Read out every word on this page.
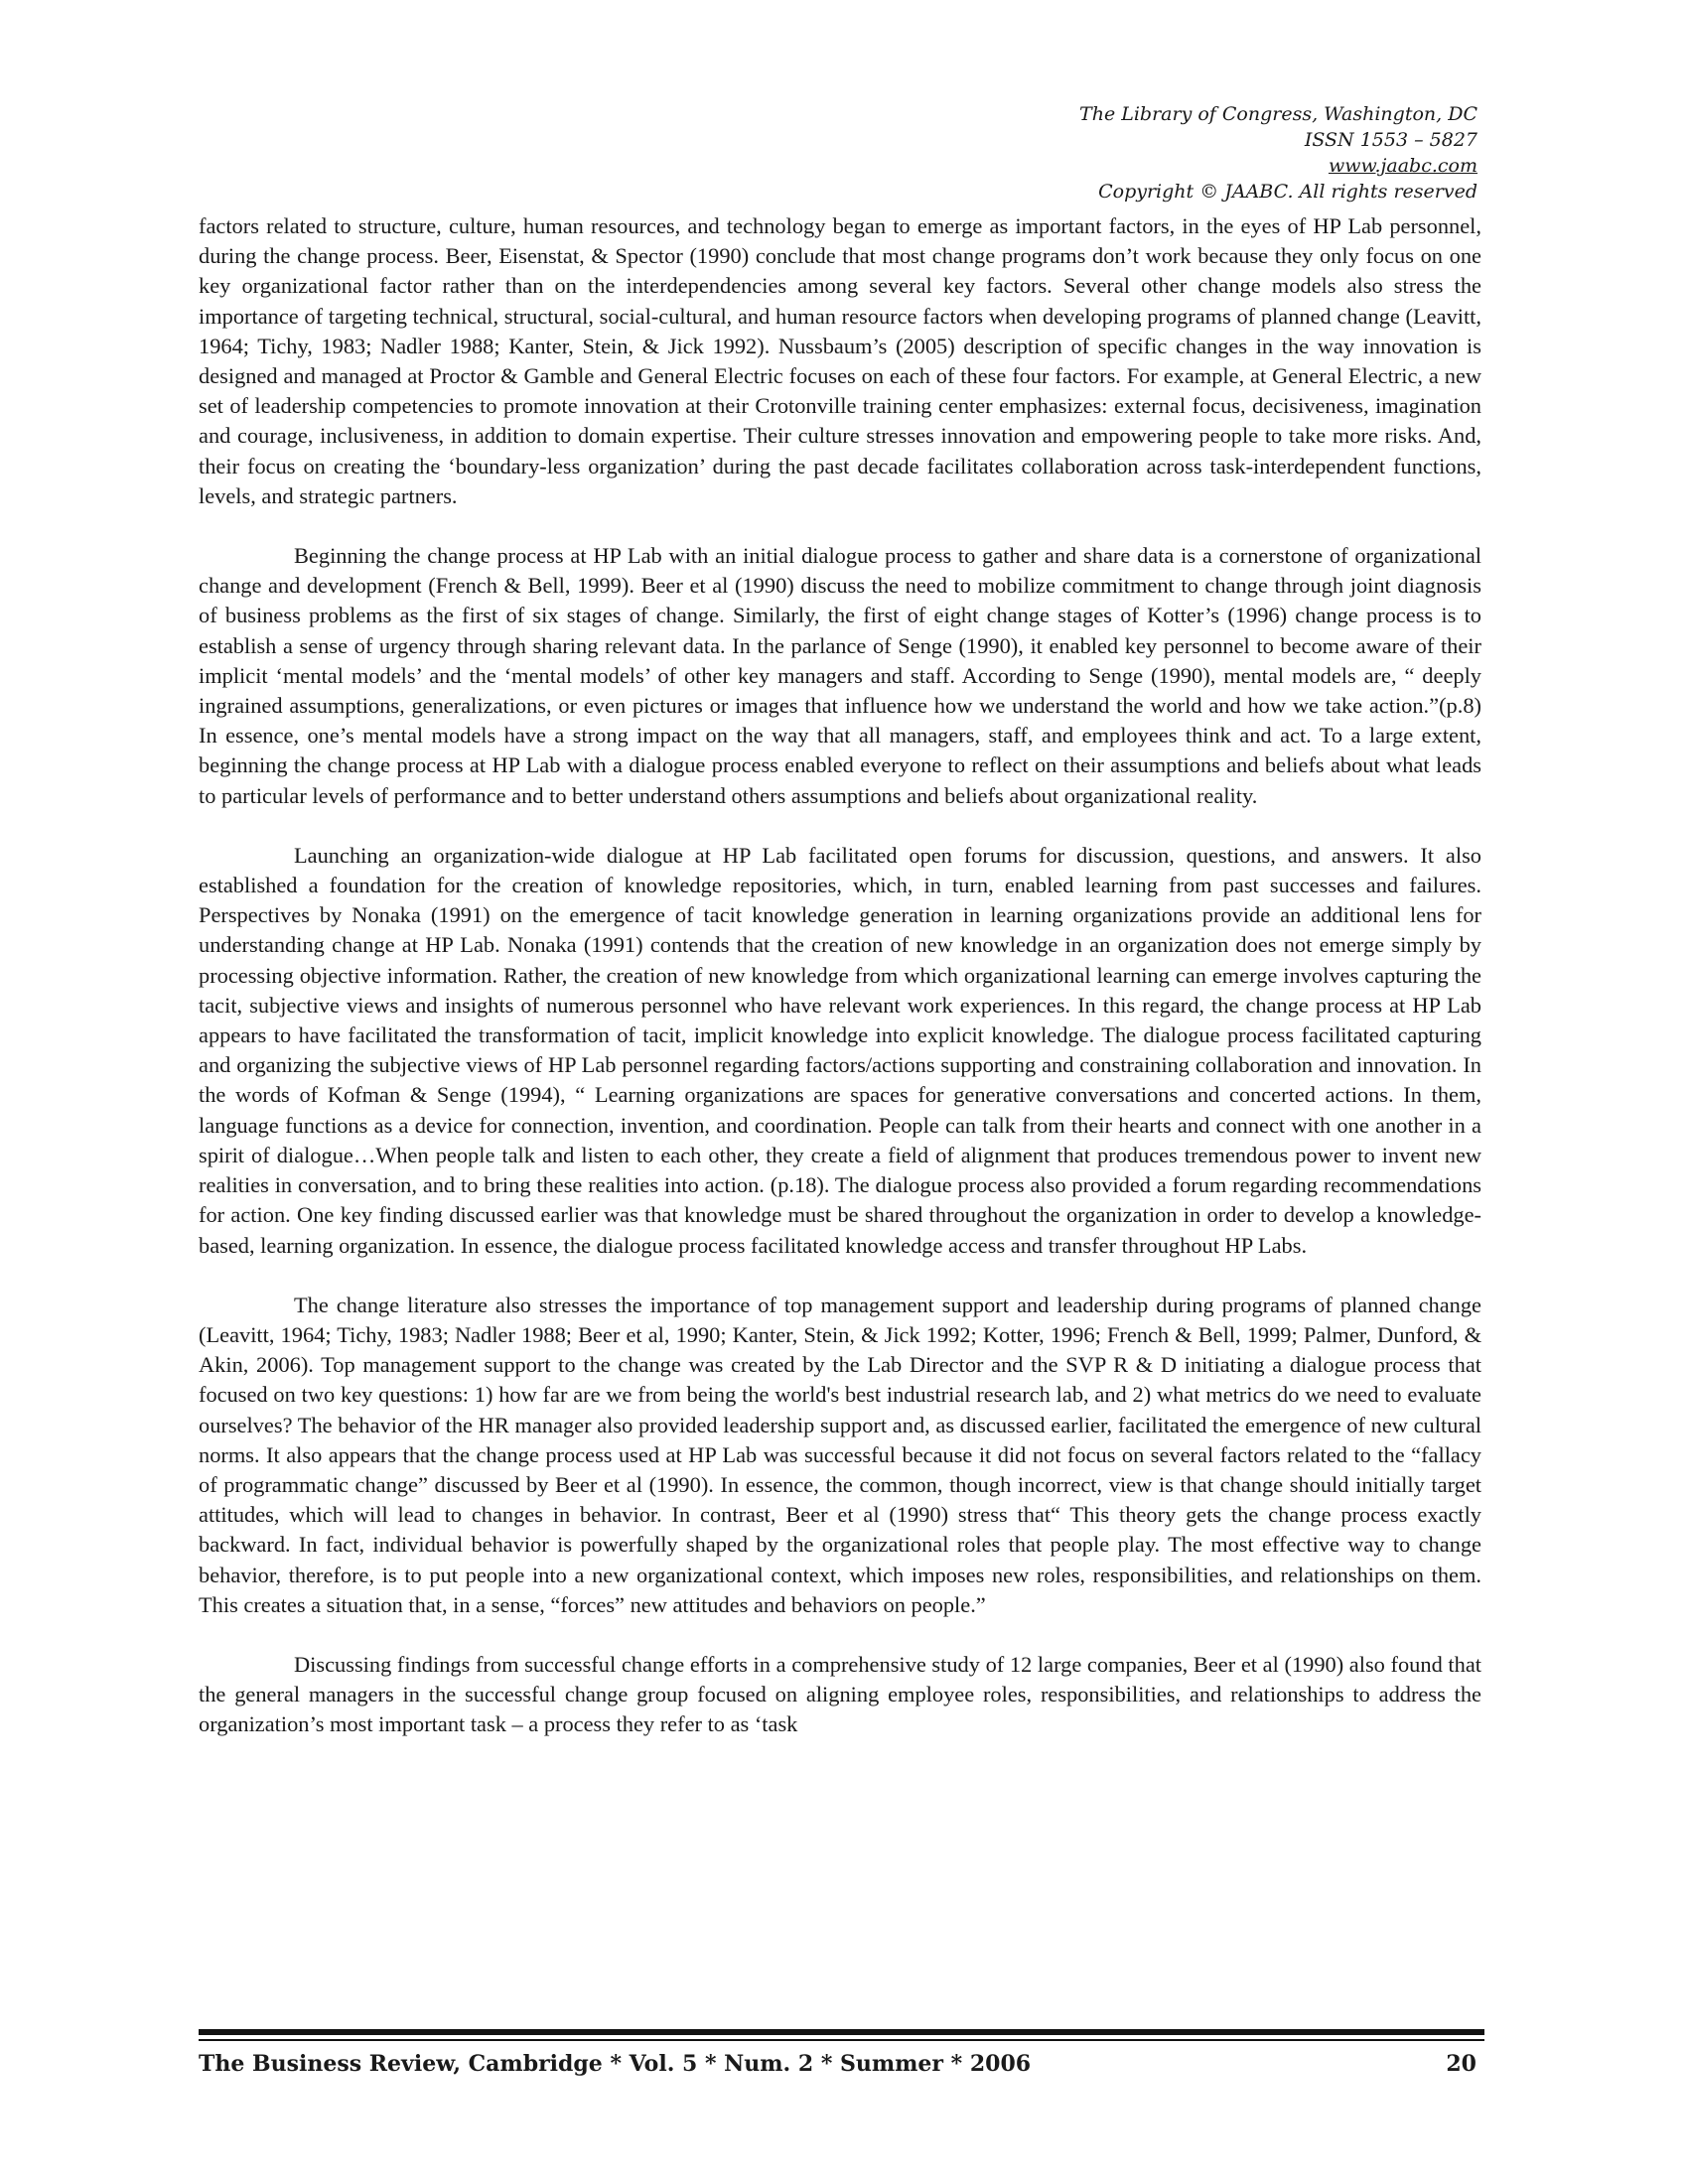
The Library of Congress, Washington, DC
ISSN 1553 – 5827
www.jaabc.com
Copyright © JAABC. All rights reserved

factors related to structure, culture, human resources, and technology began to emerge as important factors, in the eyes of HP Lab personnel, during the change process. Beer, Eisenstat, & Spector (1990) conclude that most change programs don’t work because they only focus on one key organizational factor rather than on the interdependencies among several key factors. Several other change models also stress the importance of targeting technical, structural, social-cultural, and human resource factors when developing programs of planned change (Leavitt, 1964; Tichy, 1983; Nadler 1988; Kanter, Stein, & Jick 1992). Nussbaum’s (2005) description of specific changes in the way innovation is designed and managed at Proctor & Gamble and General Electric focuses on each of these four factors. For example, at General Electric, a new set of leadership competencies to promote innovation at their Crotonville training center emphasizes: external focus, decisiveness, imagination and courage, inclusiveness, in addition to domain expertise. Their culture stresses innovation and empowering people to take more risks. And, their focus on creating the ‘boundary-less organization’ during the past decade facilitates collaboration across task-interdependent functions, levels, and strategic partners.

Beginning the change process at HP Lab with an initial dialogue process to gather and share data is a cornerstone of organizational change and development (French & Bell, 1999). Beer et al (1990) discuss the need to mobilize commitment to change through joint diagnosis of business problems as the first of six stages of change. Similarly, the first of eight change stages of Kotter’s (1996) change process is to establish a sense of urgency through sharing relevant data. In the parlance of Senge (1990), it enabled key personnel to become aware of their implicit ‘mental models’ and the ‘mental models’ of other key managers and staff. According to Senge (1990), mental models are, “ deeply ingrained assumptions, generalizations, or even pictures or images that influence how we understand the world and how we take action.”(p.8) In essence, one’s mental models have a strong impact on the way that all managers, staff, and employees think and act. To a large extent, beginning the change process at HP Lab with a dialogue process enabled everyone to reflect on their assumptions and beliefs about what leads to particular levels of performance and to better understand others assumptions and beliefs about organizational reality.

Launching an organization-wide dialogue at HP Lab facilitated open forums for discussion, questions, and answers. It also established a foundation for the creation of knowledge repositories, which, in turn, enabled learning from past successes and failures. Perspectives by Nonaka (1991) on the emergence of tacit knowledge generation in learning organizations provide an additional lens for understanding change at HP Lab. Nonaka (1991) contends that the creation of new knowledge in an organization does not emerge simply by processing objective information. Rather, the creation of new knowledge from which organizational learning can emerge involves capturing the tacit, subjective views and insights of numerous personnel who have relevant work experiences. In this regard, the change process at HP Lab appears to have facilitated the transformation of tacit, implicit knowledge into explicit knowledge. The dialogue process facilitated capturing and organizing the subjective views of HP Lab personnel regarding factors/actions supporting and constraining collaboration and innovation. In the words of Kofman & Senge (1994), “ Learning organizations are spaces for generative conversations and concerted actions. In them, language functions as a device for connection, invention, and coordination. People can talk from their hearts and connect with one another in a spirit of dialogue…When people talk and listen to each other, they create a field of alignment that produces tremendous power to invent new realities in conversation, and to bring these realities into action. (p.18). The dialogue process also provided a forum regarding recommendations for action. One key finding discussed earlier was that knowledge must be shared throughout the organization in order to develop a knowledge-based, learning organization. In essence, the dialogue process facilitated knowledge access and transfer throughout HP Labs.

The change literature also stresses the importance of top management support and leadership during programs of planned change (Leavitt, 1964; Tichy, 1983; Nadler 1988; Beer et al, 1990; Kanter, Stein, & Jick 1992; Kotter, 1996; French & Bell, 1999; Palmer, Dunford, & Akin, 2006). Top management support to the change was created by the Lab Director and the SVP R & D initiating a dialogue process that focused on two key questions: 1) how far are we from being the world's best industrial research lab, and 2) what metrics do we need to evaluate ourselves? The behavior of the HR manager also provided leadership support and, as discussed earlier, facilitated the emergence of new cultural norms. It also appears that the change process used at HP Lab was successful because it did not focus on several factors related to the “fallacy of programmatic change” discussed by Beer et al (1990). In essence, the common, though incorrect, view is that change should initially target attitudes, which will lead to changes in behavior. In contrast, Beer et al (1990) stress that“ This theory gets the change process exactly backward. In fact, individual behavior is powerfully shaped by the organizational roles that people play. The most effective way to change behavior, therefore, is to put people into a new organizational context, which imposes new roles, responsibilities, and relationships on them. This creates a situation that, in a sense, “forces” new attitudes and behaviors on people.”

Discussing findings from successful change efforts in a comprehensive study of 12 large companies, Beer et al (1990) also found that the general managers in the successful change group focused on aligning employee roles, responsibilities, and relationships to address the organization’s most important task – a process they refer to as ‘task

The Business Review, Cambridge * Vol. 5 * Num. 2 * Summer * 2006	20
